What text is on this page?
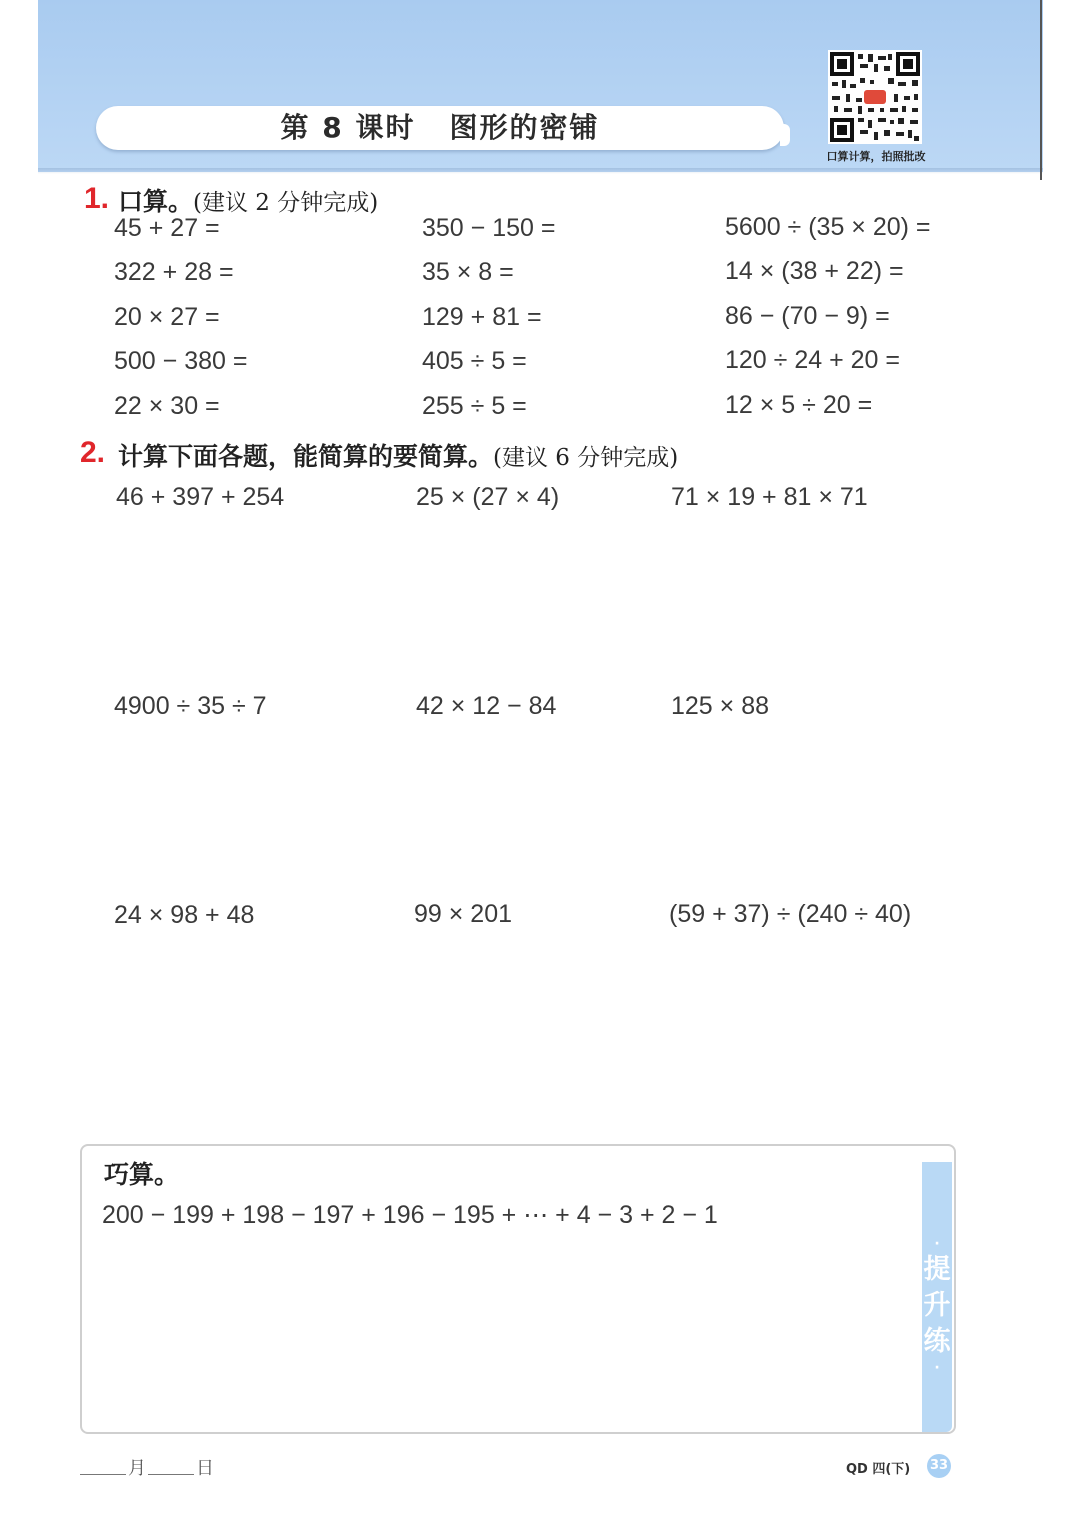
第 8 课时 图形的密铺
口算计算，拍照批改
1. 口算。(建议 2 分钟完成)
45 + 27 =	350 − 150 =	5600 ÷ (35 × 20) =
322 + 28 =	35 × 8 =	14 × (38 + 22) =
20 × 27 =	129 + 81 =	86 − (70 − 9) =
500 − 380 =	405 ÷ 5 =	120 ÷ 24 + 20 =
22 × 30 =	255 ÷ 5 =	12 × 5 ÷ 20 =
2. 计算下面各题，能简算的要简算。(建议 6 分钟完成)
46 + 397 + 254	25 × (27 × 4)	71 × 19 + 81 × 71
4900 ÷ 35 ÷ 7	42 × 12 − 84	125 × 88
24 × 98 + 48	99 × 201	(59 + 37) ÷ (240 ÷ 40)
·
提
升
练
·
巧算。
200 − 199 + 198 − 197 + 196 − 195 + ⋯ + 4 − 3 + 2 − 1
月	日	QD 四(下) 33
